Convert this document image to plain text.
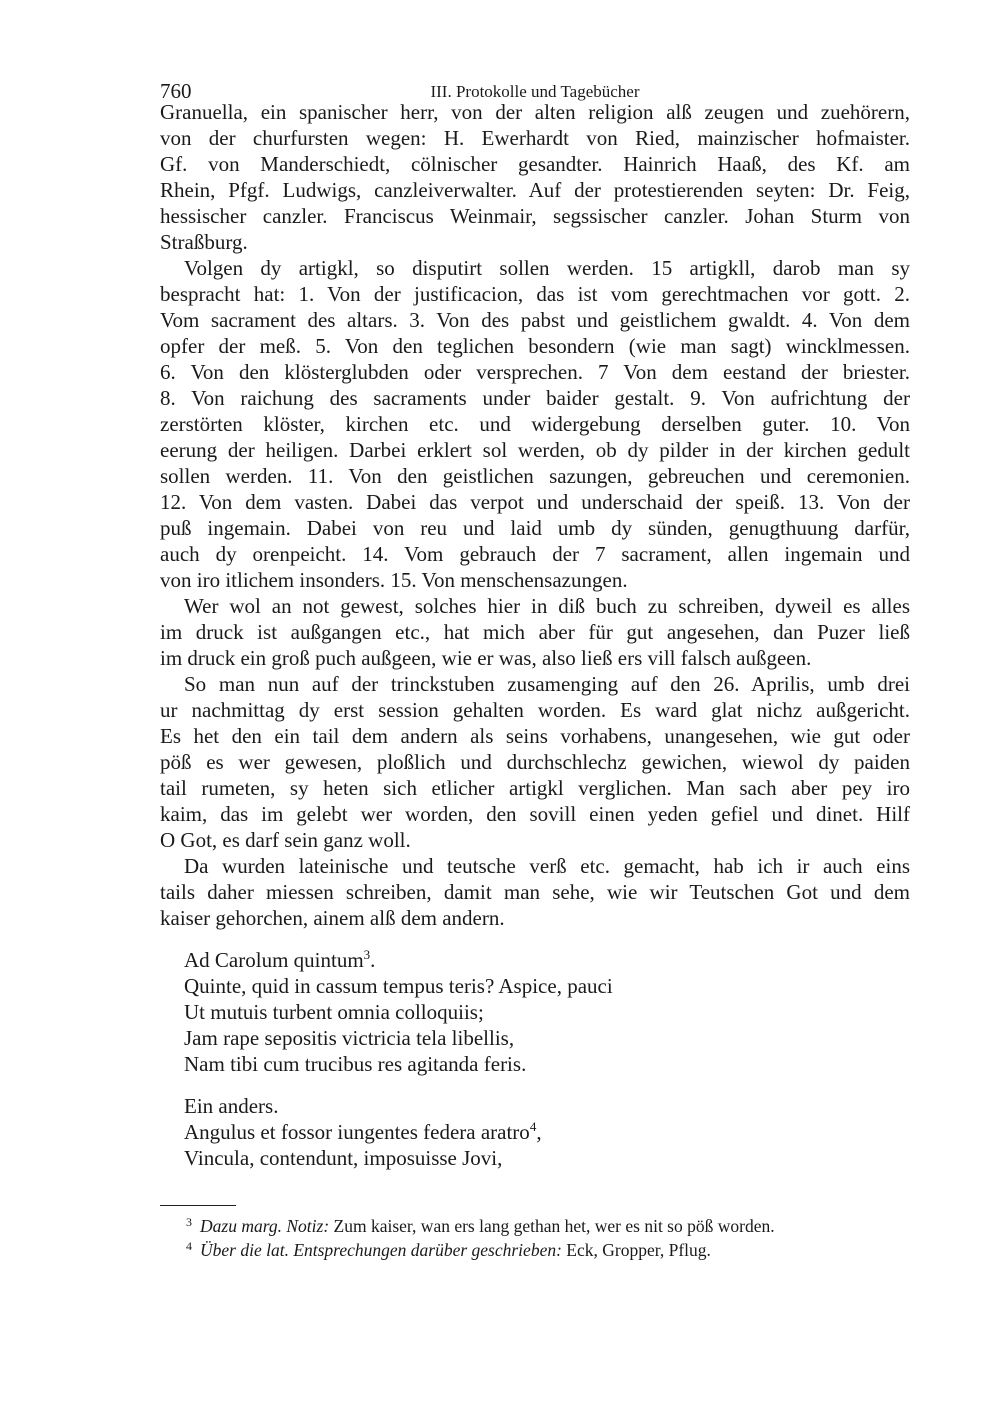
760	III. Protokolle und Tagebücher
Granuella, ein spanischer herr, von der alten religion alß zeugen und zuehörern,
von der churfursten wegen: H. Ewerhardt von Ried, mainzischer hofmaister.
Gf. von Manderschiedt, cölnischer gesandter. Hainrich Haaß, des Kf. am
Rhein, Pfgf. Ludwigs, canzleiverwalter. Auf der protestierenden seyten: Dr. Feig,
hessischer canzler. Franciscus Weinmair, segssischer canzler. Johan Sturm von
Straßburg.
Volgen dy artigkl, so disputirt sollen werden. 15 artigkll, darob man sy
bespracht hat: 1. Von der justificacion, das ist vom gerechtmachen vor gott. 2.
Vom sacrament des altars. 3. Von des pabst und geistlichem gwaldt. 4. Von dem
opfer der meß. 5. Von den teglichen besondern (wie man sagt) wincklmessen.
6. Von den klösterglubden oder versprechen. 7 Von dem eestand der briester.
8. Von raichung des sacraments under baider gestalt. 9. Von aufrichtung der
zerstörten klöster, kirchen etc. und widergebung derselben guter. 10. Von
eerung der heiligen. Darbei erklert sol werden, ob dy pilder in der kirchen gedult
sollen werden. 11. Von den geistlichen sazungen, gebreuchen und ceremonien.
12. Von dem vasten. Dabei das verpot und underschaid der speiß. 13. Von der
puß ingemain. Dabei von reu und laid umb dy sünden, genugthuung darfür,
auch dy orenpeicht. 14. Vom gebrauch der 7 sacrament, allen ingemain und
von iro itlichem insonders. 15. Von menschensazungen.
Wer wol an not gewest, solches hier in diß buch zu schreiben, dyweil es alles
im druck ist außgangen etc., hat mich aber für gut angesehen, dan Puzer ließ
im druck ein groß puch außgeen, wie er was, also ließ ers vill falsch außgeen.
So man nun auf der trinckstuben zusamenging auf den 26. Aprilis, umb drei
ur nachmittag dy erst session gehalten worden. Es ward glat nichz außgericht.
Es het den ein tail dem andern als seins vorhabens, unangesehen, wie gut oder
pöß es wer gewesen, ploßlich und durchschlechz gewichen, wiewol dy paiden
tail rumeten, sy heten sich etlicher artigkl verglichen. Man sach aber pey iro
kaim, das im gelebt wer worden, den sovill einen yeden gefiel und dinet. Hilf
O Got, es darf sein ganz woll.
Da wurden lateinische und teutsche verß etc. gemacht, hab ich ir auch eins
tails daher miessen schreiben, damit man sehe, wie wir Teutschen Got und dem
kaiser gehorchen, ainem alß dem andern.
Ad Carolum quintum$^3$.
Quinte, quid in cassum tempus teris? Aspice, pauci
Ut mutuis turbent omnia colloquiis;
Jam rape sepositis victricia tela libellis,
Nam tibi cum trucibus res agitanda feris.
Ein anders.
Angulus et fossor iungentes federa aratro$^4$,
Vincula, contendunt, imposuisse Jovi,
$^3$ Dazu marg. Notiz: Zum kaiser, wan ers lang gethan het, wer es nit so pöß worden.
$^4$ Über die lat. Entsprechungen darüber geschrieben: Eck, Gropper, Pflug.
